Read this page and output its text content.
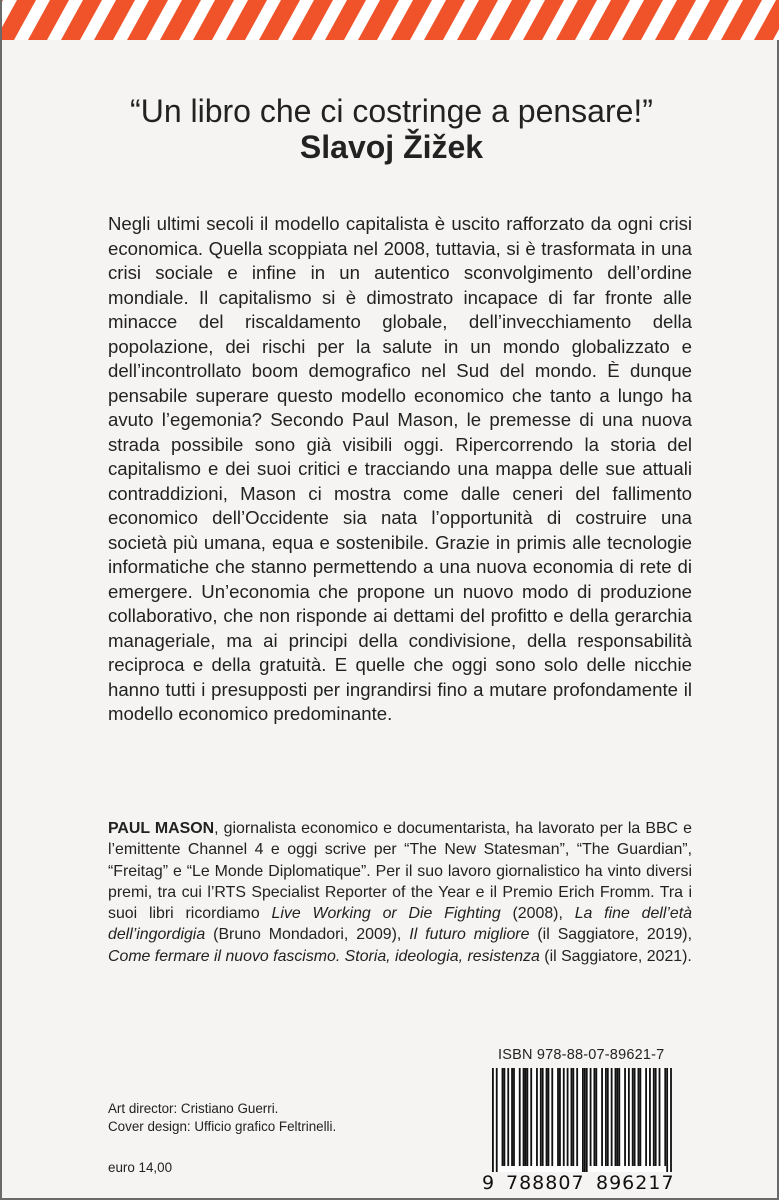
“Un libro che ci costringe a pensare!”
Slavoj Žižek

Negli ultimi secoli il modello capitalista è uscito rafforzato da ogni crisi economica. Quella scoppiata nel 2008, tuttavia, si è trasformata in una crisi sociale e infine in un autentico sconvolgimento dell’ordine mondiale. Il capitalismo si è dimostrato incapace di far fronte alle minacce del riscaldamento globale, dell’invecchiamento della popolazione, dei rischi per la salute in un mondo globalizzato e dell’incontrollato boom demografico nel Sud del mondo. È dunque pensabile superare questo modello economico che tanto a lungo ha avuto l’egemonia? Secondo Paul Mason, le premesse di una nuova strada possibile sono già visibili oggi. Ripercorrendo la storia del capitalismo e dei suoi critici e tracciando una mappa delle sue attuali contraddizioni, Mason ci mostra come dalle ceneri del fallimento economico dell’Occidente sia nata l’opportunità di costruire una società più umana, equa e sostenibile. Grazie in primis alle tecnologie informatiche che stanno permettendo a una nuova economia di rete di emergere. Un’economia che propone un nuovo modo di produzione collaborativo, che non risponde ai dettami del profitto e della gerarchia manageriale, ma ai principi della condivisione, della responsabilità reciproca e della gratuità. E quelle che oggi sono solo delle nicchie hanno tutti i presupposti per ingrandirsi fino a mutare profondamente il modello economico predominante.

PAUL MASON, giornalista economico e documentarista, ha lavorato per la BBC e l’emittente Channel 4 e oggi scrive per “The New Statesman”, “The Guardian”, “Freitag” e “Le Monde Diplomatique”. Per il suo lavoro giornalistico ha vinto diversi premi, tra cui l’RTS Specialist Reporter of the Year e il Premio Erich Fromm. Tra i suoi libri ricordiamo Live Working or Die Fighting (2008), La fine dell’età dell’ingordigia (Bruno Mondadori, 2009), Il futuro migliore (il Saggiatore, 2019), Come fermare il nuovo fascismo. Storia, ideologia, resistenza (il Saggiatore, 2021).

ISBN 978-88-07-89621-7
9 788807 896217
Art director: Cristiano Guerri.
Cover design: Ufficio grafico Feltrinelli.
euro 14,00
